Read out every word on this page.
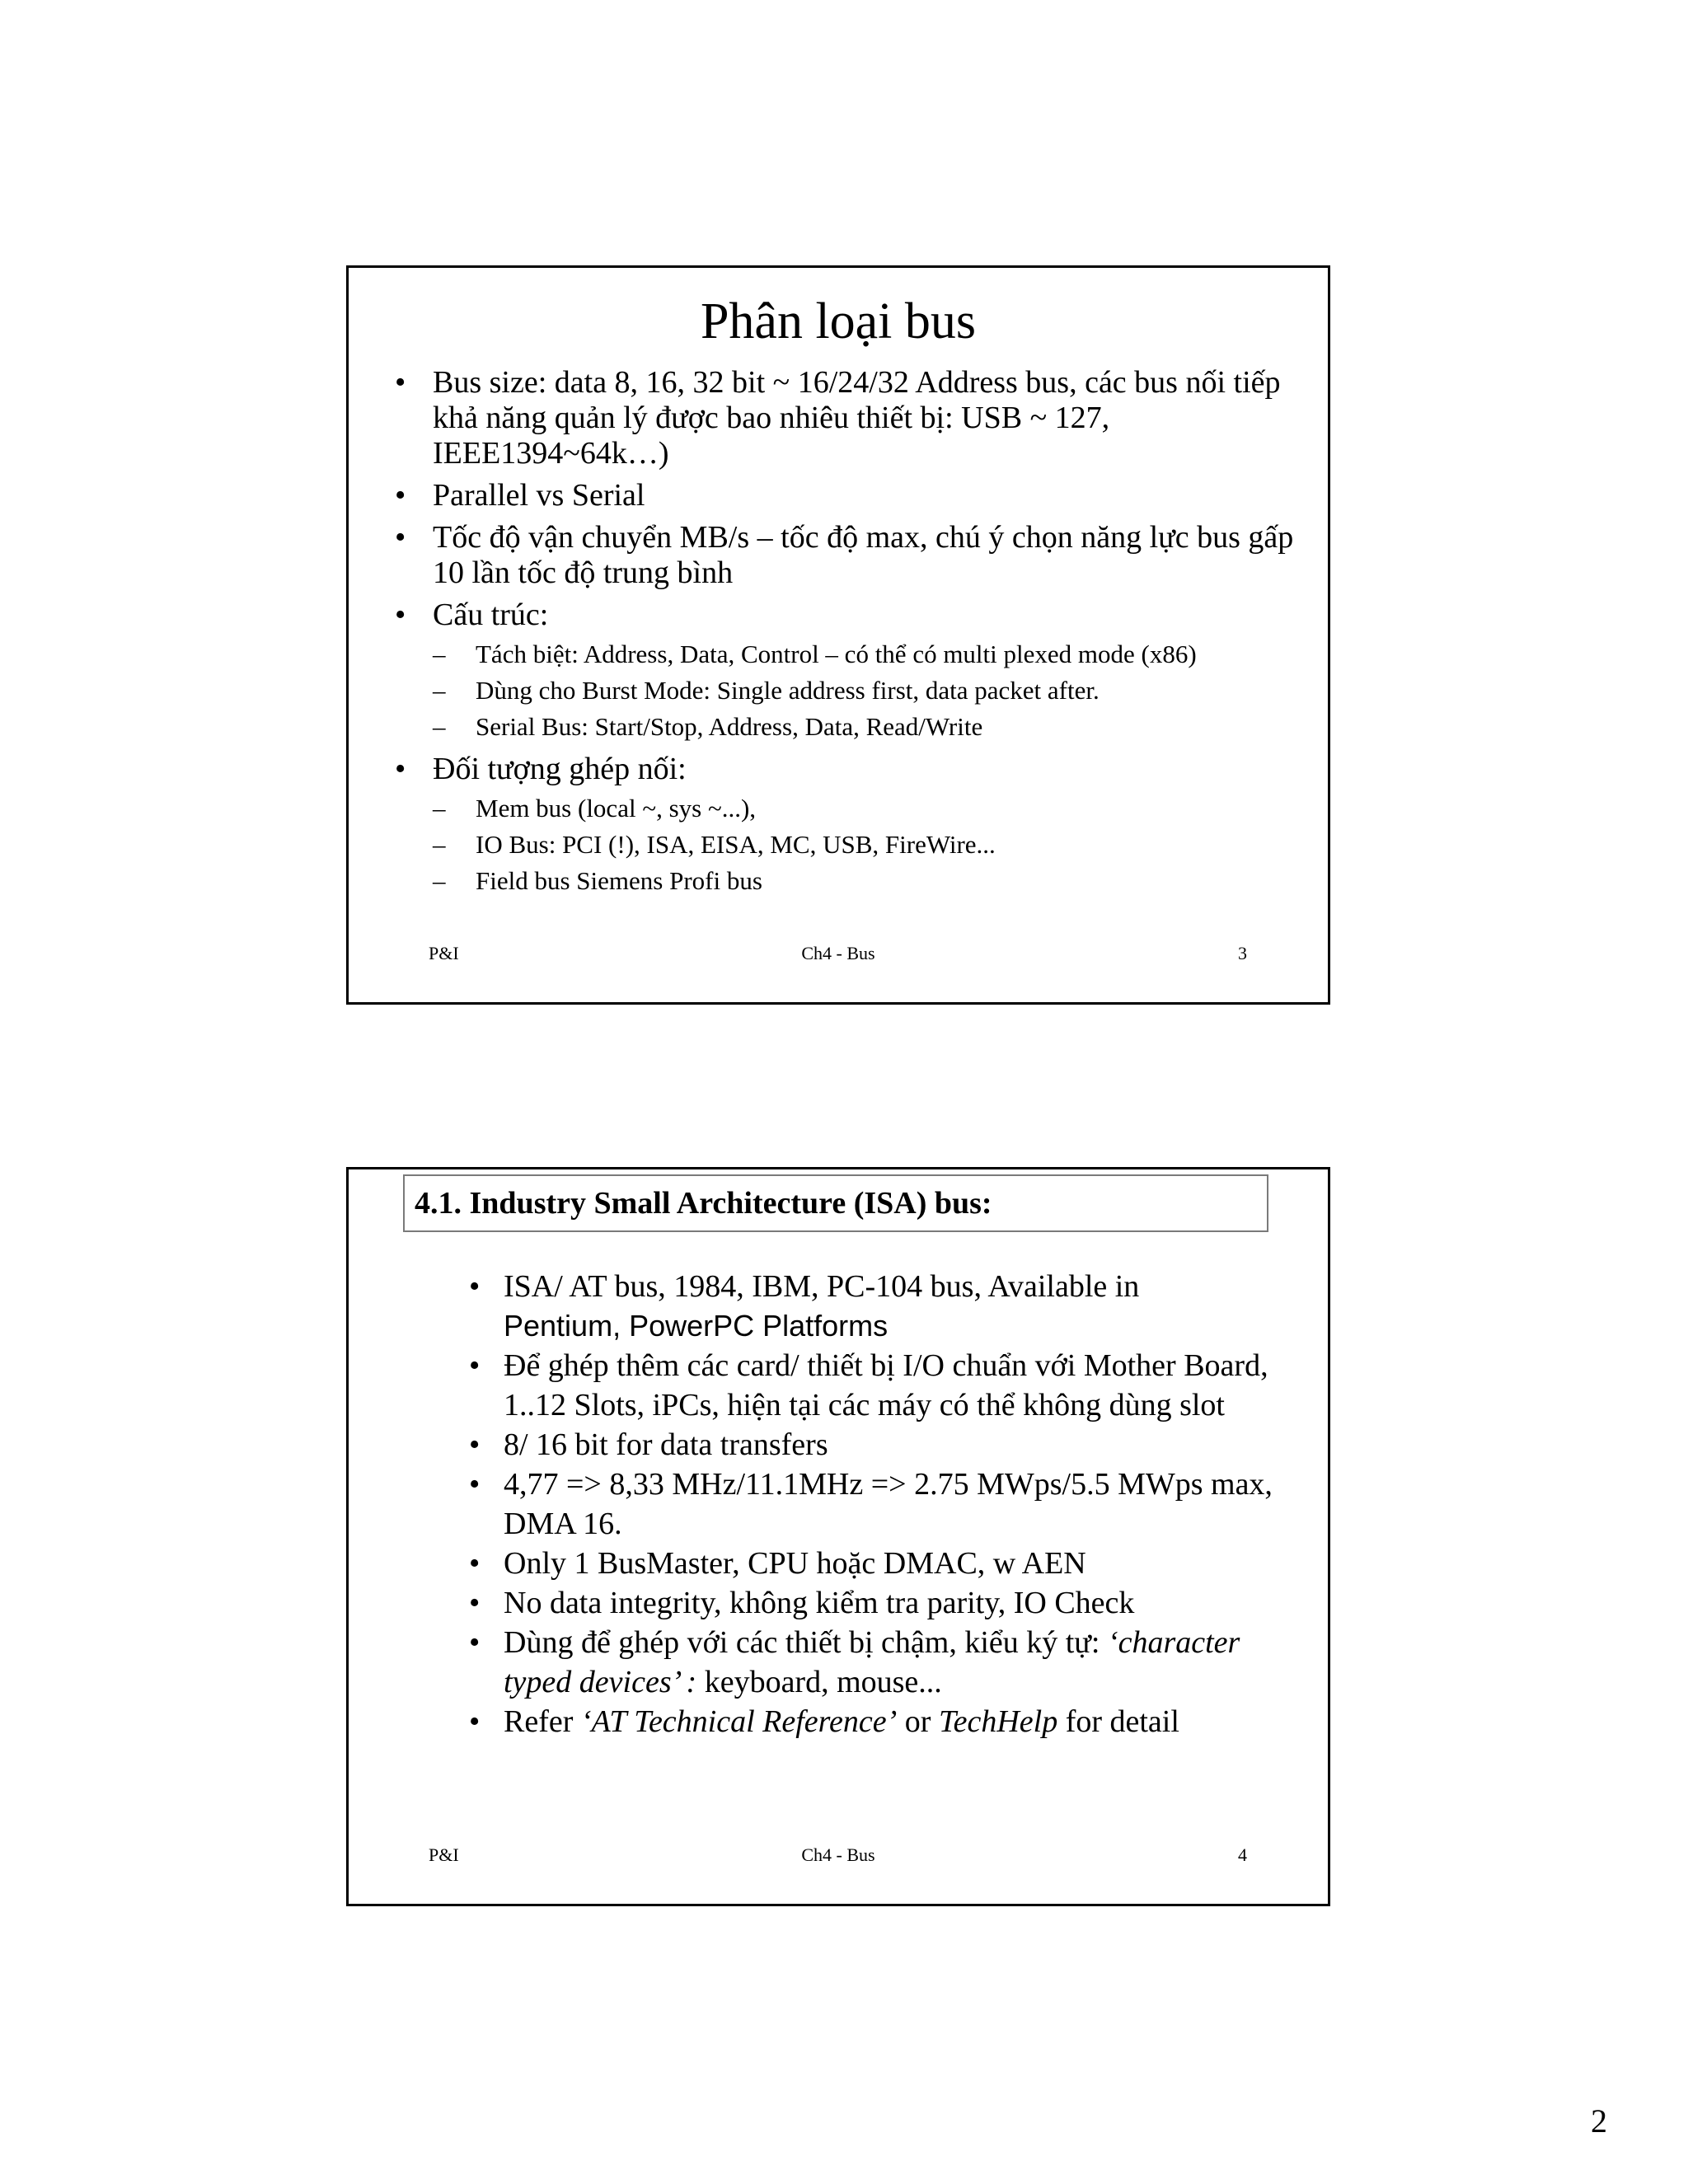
Phân loại bus
• Bus size: data 8, 16, 32 bit ~ 16/24/32 Address bus, các bus nối tiếp khả năng quản lý được bao nhiêu thiết bị: USB ~ 127, IEEE1394~64k…)
• Parallel vs Serial
• Tốc độ vận chuyển MB/s – tốc độ max, chú ý chọn năng lực bus gấp 10 lần tốc độ trung bình
• Cấu trúc:
– Tách biệt: Address, Data, Control – có thể có multi plexed mode (x86)
– Dùng cho Burst Mode: Single address first, data packet after.
– Serial Bus: Start/Stop, Address, Data, Read/Write
• Đối tượng ghép nối:
– Mem bus (local ~, sys ~...),
– IO Bus: PCI (!), ISA, EISA, MC, USB, FireWire...
– Field bus Siemens Profi bus
P&I	Ch4 - Bus	3
4.1. Industry Small Architecture (ISA) bus:
• ISA/ AT bus, 1984, IBM, PC-104 bus, Available in
Pentium, PowerPC Platforms
• Để ghép thêm các card/ thiết bị I/O chuẩn với Mother Board, 1..12 Slots, iPCs, hiện tại các máy có thể không dùng slot
• 8/ 16 bit for data transfers
• 4,77 => 8,33 MHz/11.1MHz => 2.75 MWps/5.5 MWps max, DMA 16.
• Only 1 BusMaster, CPU hoặc DMAC, w AEN
• No data integrity, không kiểm tra parity, IO Check
• Dùng để ghép với các thiết bị chậm, kiểu ký tự: ‘character typed devices’ : keyboard, mouse...
• Refer ‘AT Technical Reference’ or TechHelp for detail
P&I	Ch4 - Bus	4
2
